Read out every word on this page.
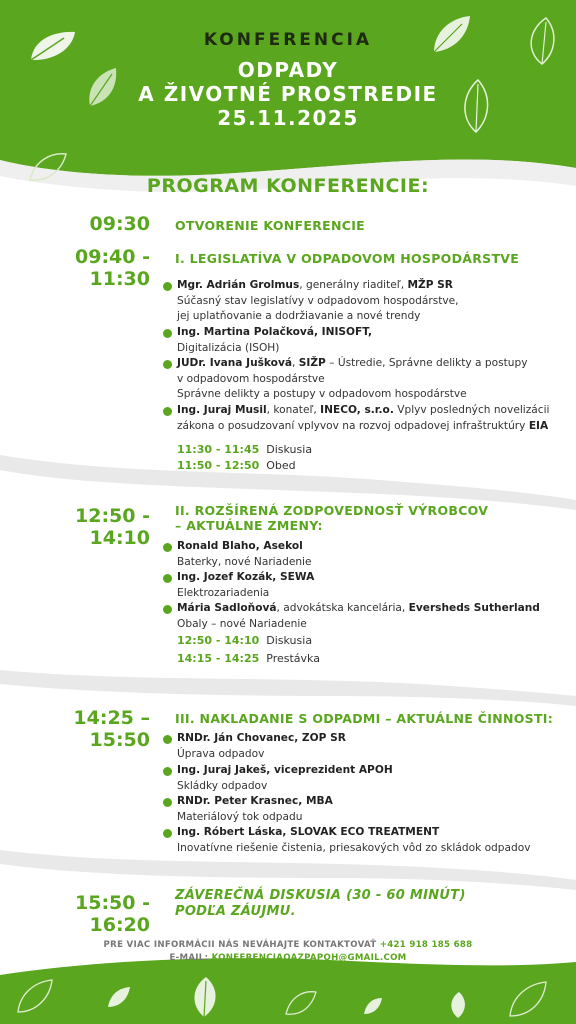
KONFERENCIA
ODPADY
A ŽIVOTNÉ PROSTREDIE
25.11.2025
PROGRAM KONFERENCIE:
09:30 OTVORENIE KONFERENCIE
09:40 - 11:30
I. LEGISLATÍVA V ODPADOVOM HOSPODÁRSTVE
Mgr. Adrián Grolmus, generálny riaditeľ, MŽP SR
Súčasný stav legislatívy v odpadovom hospodárstve,
jej uplatňovanie a dodržiavanie a nové trendy
Ing. Martina Polačková, INISOFT,
Digitalizácia (ISOH)
JUDr. Ivana Jušková, SIŽP – Ústredie, Správne delikty a postupy
v odpadovom hospodárstve
Správne delikty a postupy v odpadovom hospodárstve
Ing. Juraj Musil, konateľ, INECO, s.r.o. Vplyv posledných novelizácii
zákona o posudzovaní vplyvov na rozvoj odpadovej infraštruktúry EIA
11:30 - 11:45 Diskusia
11:50 - 12:50 Obed
12:50 - 14:10
II. ROZŠÍRENÁ ZODPOVEDNOSŤ VÝROBCOV
– AKTUÁLNE ZMENY:
Ronald Blaho, Asekol
Baterky, nové Nariadenie
Ing. Jozef Kozák, SEWA
Elektrozariadenia
Mária Sadloňová, advokátska kancelária, Eversheds Sutherland
Obaly – nové Nariadenie
12:50 - 14:10 Diskusia
14:15 - 14:25 Prestávka
14:25 – 15:50
III. NAKLADANIE S ODPADMI – AKTUÁLNE ČINNOSTI:
RNDr. Ján Chovanec, ZOP SR
Úprava odpadov
Ing. Juraj Jakeš, viceprezident APOH
Skládky odpadov
RNDr. Peter Krasnec, MBA
Materiálový tok odpadu
Ing. Róbert Láska, SLOVAK ECO TREATMENT
Inovatívne riešenie čistenia, priesakových vôd zo skládok odpadov
15:50 - 16:20
ZÁVEREČNÁ DISKUSIA (30 - 60 MINÚT)
PODĽA ZÁUJMU.
PRE VIAC INFORMÁCII NÁS NEVÁHAJTE KONTAKTOVAŤ +421 918 185 688
E-MAIL: KONFERENCIAOAZPAPOH@GMAIL.COM
